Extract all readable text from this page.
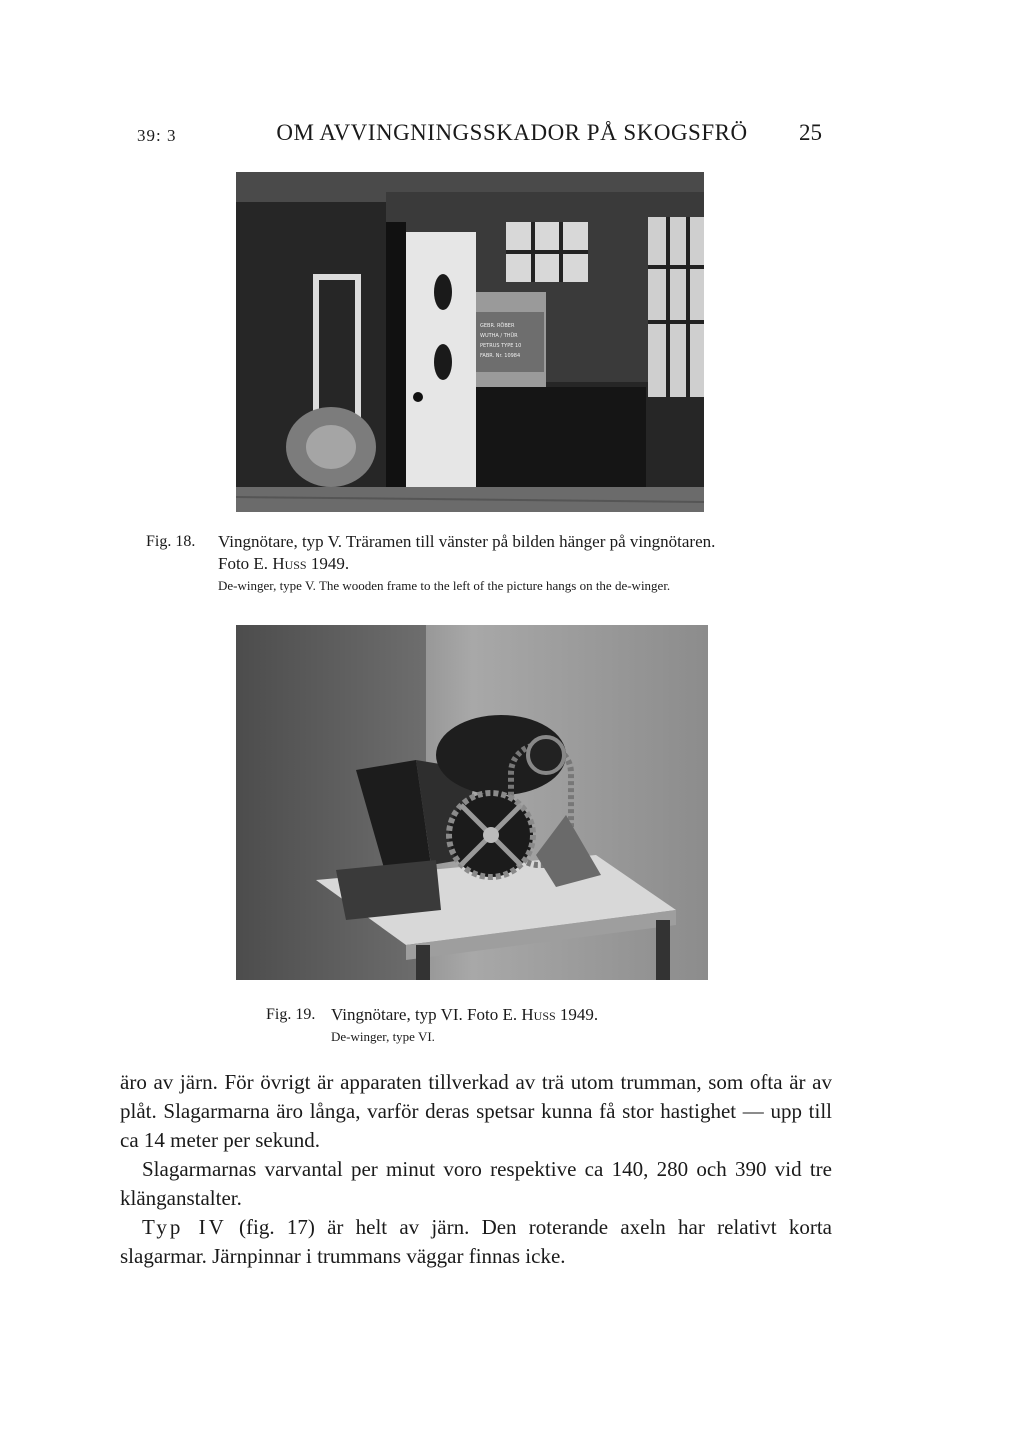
39: 3	OM AVVINGNINGSSKADOR PÅ SKOGSFRÖ	25
GEBR. RÖBER
WUTHA / THÜR
PETRUS TYPE 10
FABR. Nr. 10984
Fig. 18. Vingnötare, typ V. Träramen till vänster på bilden hänger på vingnötaren.
Foto E. Huss 1949.
De-winger, type V. The wooden frame to the left of the picture hangs on the de-winger.
Fig. 19. Vingnötare, typ VI. Foto E. Huss 1949.
De-winger, type VI.

äro av järn. För övrigt är apparaten tillverkad av trä utom trumman, som ofta är av plåt. Slagarmarna äro långa, varför deras spetsar kunna få stor hastighet — upp till ca 14 meter per sekund.

Slagarmarnas varvantal per minut voro respektive ca 140, 280 och 390 vid tre klänganstalter.

Typ IV (fig. 17) är helt av järn. Den roterande axeln har relativt korta slagarmar. Järnpinnar i trummans väggar finnas icke.
